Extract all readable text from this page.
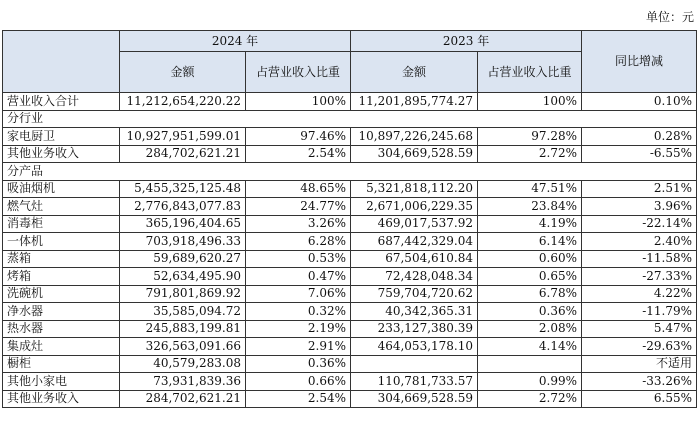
单位：元
	2024 年		2023 年		同比增减
	金额	占营业收入比重	金额	占营业收入比重	
营业收入合计	11,212,654,220.22	100%	11,201,895,774.27	100%	0.10%
分行业					
家电厨卫	10,927,951,599.01	97.46%	10,897,226,245.68	97.28%	0.28%
其他业务收入	284,702,621.21	2.54%	304,669,528.59	2.72%	-6.55%
分产品					
吸油烟机	5,455,325,125.48	48.65%	5,321,818,112.20	47.51%	2.51%
燃气灶	2,776,843,077.83	24.77%	2,671,006,229.35	23.84%	3.96%
消毒柜	365,196,404.65	3.26%	469,017,537.92	4.19%	-22.14%
一体机	703,918,496.33	6.28%	687,442,329.04	6.14%	2.40%
蒸箱	59,689,620.27	0.53%	67,504,610.84	0.60%	-11.58%
烤箱	52,634,495.90	0.47%	72,428,048.34	0.65%	-27.33%
洗碗机	791,801,869.92	7.06%	759,704,720.62	6.78%	4.22%
净水器	35,585,094.72	0.32%	40,342,365.31	0.36%	-11.79%
热水器	245,883,199.81	2.19%	233,127,380.39	2.08%	5.47%
集成灶	326,563,091.66	2.91%	464,053,178.10	4.14%	-29.63%
橱柜	40,579,283.08	0.36%			不适用
其他小家电	73,931,839.36	0.66%	110,781,733.57	0.99%	-33.26%
其他业务收入	284,702,621.21	2.54%	304,669,528.59	2.72%	6.55%
